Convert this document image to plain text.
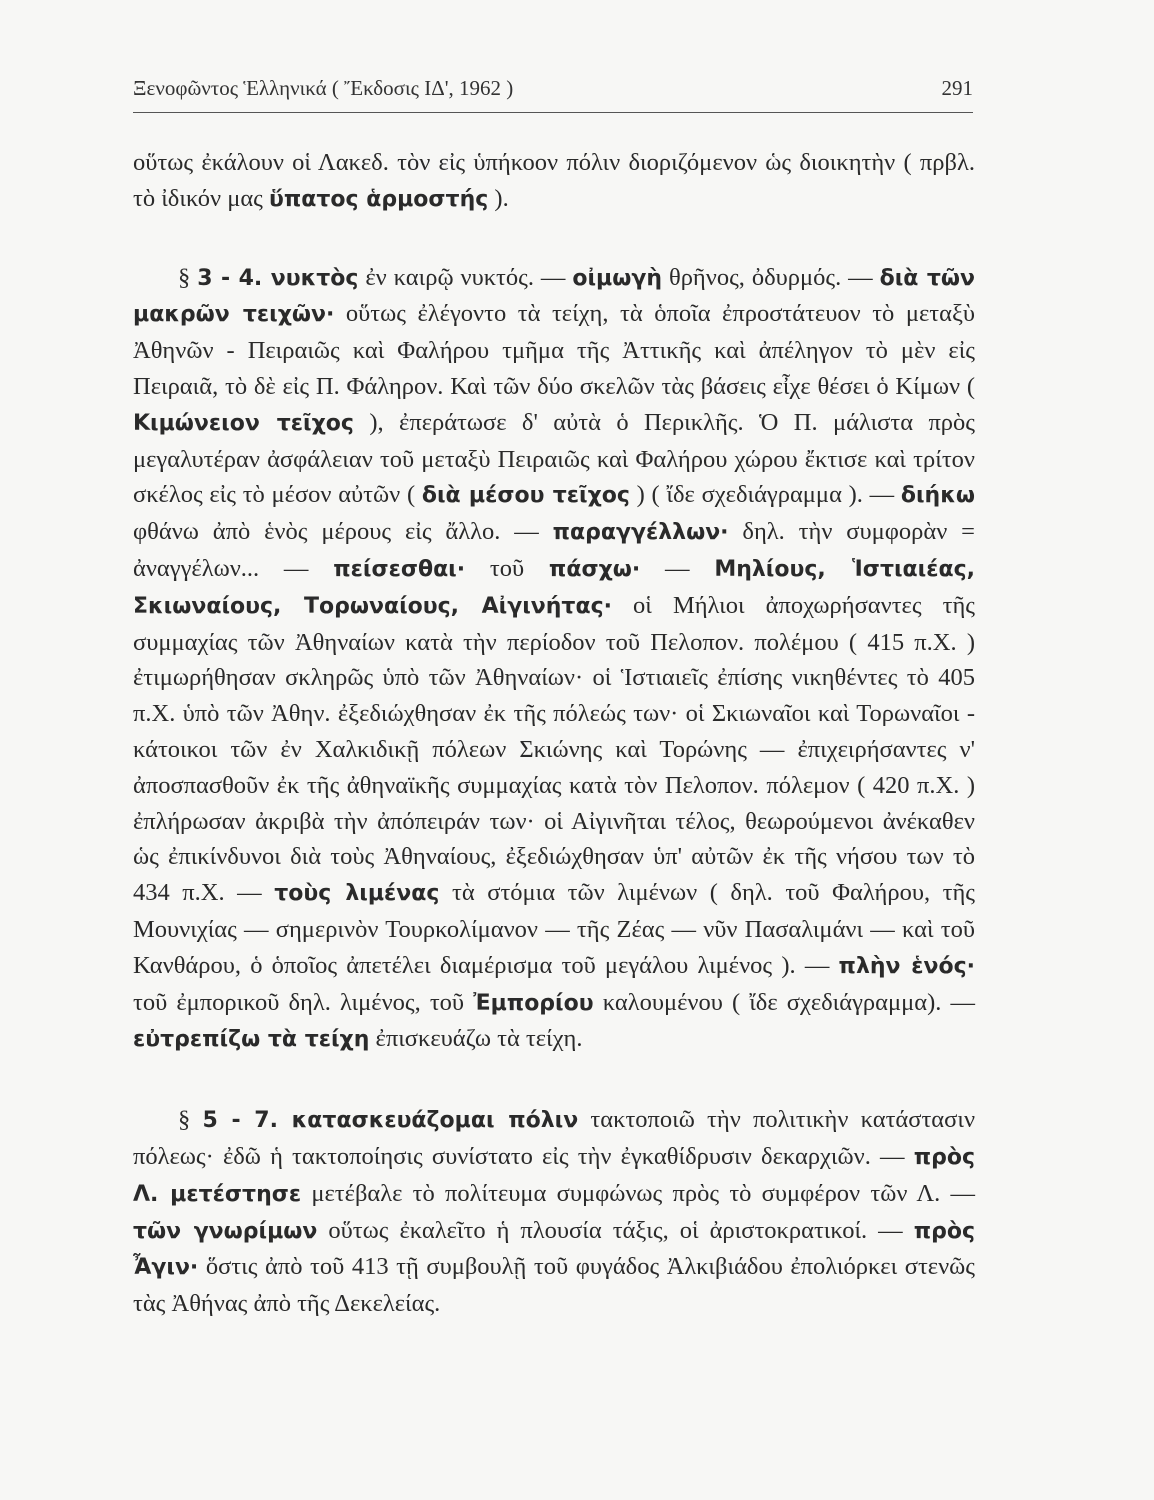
Ξενοφῶντος Ἑλληνικά ( Ἔκδοσις ΙΔ', 1962 )	291

οὕτως ἐκάλουν οἱ Λακεδ. τὸν εἰς ὑπήκοον πόλιν διοριζόμενον ὡς διοικητὴν ( πρβλ. τὸ ἰδικόν μας ὕπατος ἁρμοστής ).

§ 3 - 4. νυκτὸς ἐν καιρῷ νυκτός. — οἰμωγὴ θρῆνος, ὀδυρμός. — διὰ τῶν μακρῶν τειχῶν· οὕτως ἐλέγοντο τὰ τείχη, τὰ ὁποῖα ἐπροστάτευον τὸ μεταξὺ Ἀθηνῶν - Πειραιῶς καὶ Φαλήρου τμῆμα τῆς Ἀττικῆς καὶ ἀπέληγον τὸ μὲν εἰς Πειραιᾶ, τὸ δὲ εἰς Π. Φάληρον. Καὶ τῶν δύο σκελῶν τὰς βάσεις εἶχε θέσει ὁ Κίμων ( Κιμώνειον τεῖχος ), ἐπεράτωσε δ' αὐτὰ ὁ Περικλῆς. Ὁ Π. μάλιστα πρὸς μεγαλυτέραν ἀσφάλειαν τοῦ μεταξὺ Πειραιῶς καὶ Φαλήρου χώρου ἔκτισε καὶ τρίτον σκέλος εἰς τὸ μέσον αὐτῶν ( διὰ μέσου τεῖχος ) ( ἴδε σχεδιάγραμμα ). — διήκω φθάνω ἀπὸ ἑνὸς μέρους εἰς ἄλλο. — παραγγέλλων· δηλ. τὴν συμφορὰν = ἀναγγέλων... — πείσεσθαι· τοῦ πάσχω· — Μηλίους, Ἱστιαιέας, Σκιωναίους, Τορωναίους, Αἰγινήτας· οἱ Μήλιοι ἀποχωρήσαντες τῆς συμμαχίας τῶν Ἀθηναίων κατὰ τὴν περίοδον τοῦ Πελοπον. πολέμου ( 415 π.Χ. ) ἐτιμωρήθησαν σκληρῶς ὑπὸ τῶν Ἀθηναίων· οἱ Ἱστιαιεῖς ἐπίσης νικηθέντες τὸ 405 π.Χ. ὑπὸ τῶν Ἀθην. ἐξεδιώχθησαν ἐκ τῆς πόλεώς των· οἱ Σκιωναῖοι καὶ Τορωναῖοι - κάτοικοι τῶν ἐν Χαλκιδικῇ πόλεων Σκιώνης καὶ Τορώνης — ἐπιχειρήσαντες ν' ἀποσπασθοῦν ἐκ τῆς ἀθηναϊκῆς συμμαχίας κατὰ τὸν Πελοπον. πόλεμον ( 420 π.Χ. ) ἐπλήρωσαν ἀκριβὰ τὴν ἀπόπειράν των· οἱ Αἰγινῆται τέλος, θεωρούμενοι ἀνέκαθεν ὡς ἐπικίνδυνοι διὰ τοὺς Ἀθηναίους, ἐξεδιώχθησαν ὑπ' αὐτῶν ἐκ τῆς νήσου των τὸ 434 π.Χ. — τοὺς λιμένας τὰ στόμια τῶν λιμένων ( δηλ. τοῦ Φαλήρου, τῆς Μουνιχίας — σημερινὸν Τουρκολίμανον — τῆς Ζέας — νῦν Πασαλιμάνι — καὶ τοῦ Κανθάρου, ὁ ὁποῖος ἀπετέλει διαμέρισμα τοῦ μεγάλου λιμένος ). — πλὴν ἑνός· τοῦ ἐμπορικοῦ δηλ. λιμένος, τοῦ Ἐμπορίου καλουμένου ( ἴδε σχεδιάγραμμα). — εὐτρεπίζω τὰ τείχη ἐπισκευάζω τὰ τείχη.

§ 5 - 7. κατασκευάζομαι πόλιν τακτοποιῶ τὴν πολιτικὴν κατάστασιν πόλεως· ἐδῶ ἡ τακτοποίησις συνίστατο εἰς τὴν ἐγκαθίδρυσιν δεκαρχιῶν. — πρὸς Λ. μετέστησε μετέβαλε τὸ πολίτευμα συμφώνως πρὸς τὸ συμφέρον τῶν Λ. — τῶν γνωρίμων οὕτως ἐκαλεῖτο ἡ πλουσία τάξις, οἱ ἀριστοκρατικοί. — πρὸς Ἆγιν· ὅστις ἀπὸ τοῦ 413 τῇ συμβουλῇ τοῦ φυγάδος Ἀλκιβιάδου ἐπολιόρκει στενῶς τὰς Ἀθήνας ἀπὸ τῆς Δεκελείας.
